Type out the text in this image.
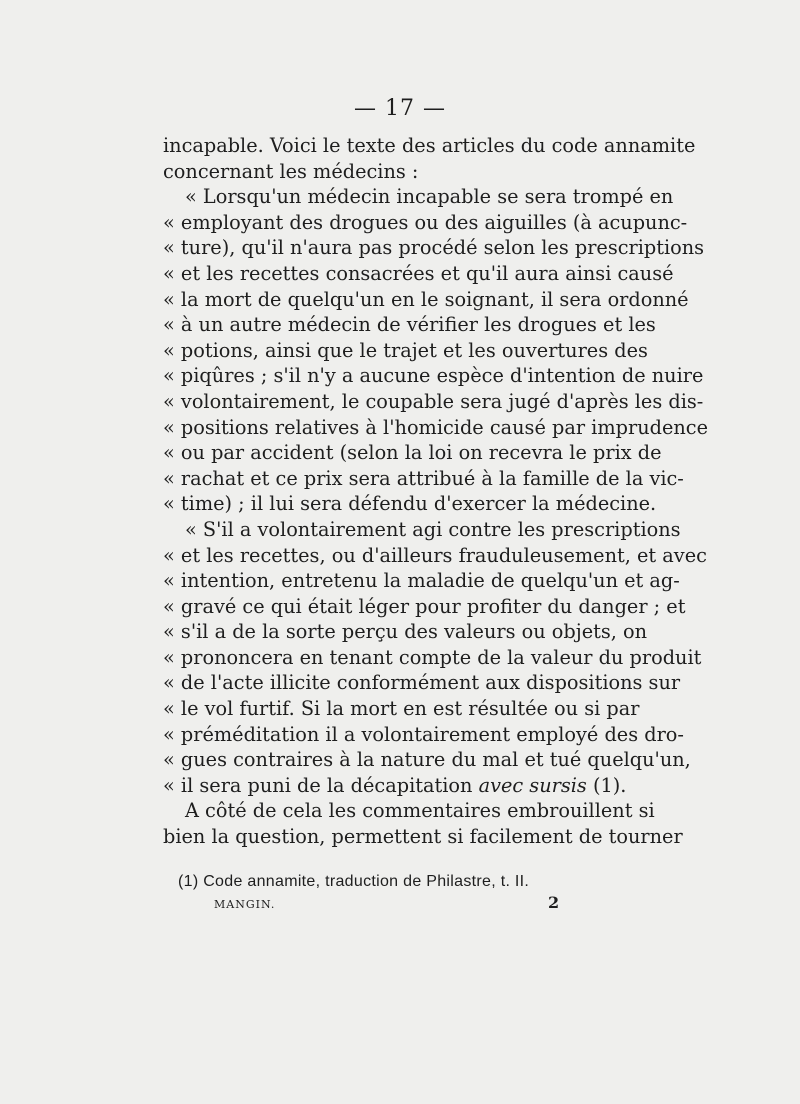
— 17 —
incapable. Voici le texte des articles du code annamite
concernant les médecins :
« Lorsqu'un médecin incapable se sera trompé en
« employant des drogues ou des aiguilles (à acupunc-
« ture), qu'il n'aura pas procédé selon les prescriptions
« et les recettes consacrées et qu'il aura ainsi causé
« la mort de quelqu'un en le soignant, il sera ordonné
« à un autre médecin de vérifier les drogues et les
« potions, ainsi que le trajet et les ouvertures des
« piqûres ; s'il n'y a aucune espèce d'intention de nuire
« volontairement, le coupable sera jugé d'après les dis-
« positions relatives à l'homicide causé par imprudence
« ou par accident (selon la loi on recevra le prix de
« rachat et ce prix sera attribué à la famille de la vic-
« time) ; il lui sera défendu d'exercer la médecine.
« S'il a volontairement agi contre les prescriptions
« et les recettes, ou d'ailleurs frauduleusement, et avec
« intention, entretenu la maladie de quelqu'un et ag-
« gravé ce qui était léger pour profiter du danger ; et
« s'il a de la sorte perçu des valeurs ou objets, on
« prononcera en tenant compte de la valeur du produit
« de l'acte illicite conformément aux dispositions sur
« le vol furtif. Si la mort en est résultée ou si par
« préméditation il a volontairement employé des dro-
« gues contraires à la nature du mal et tué quelqu'un,
« il sera puni de la décapitation avec sursis (1).
A côté de cela les commentaires embrouillent si
bien la question, permettent si facilement de tourner
(1) Code annamite, traduction de Philastre, t. II.
MANGIN.	2
